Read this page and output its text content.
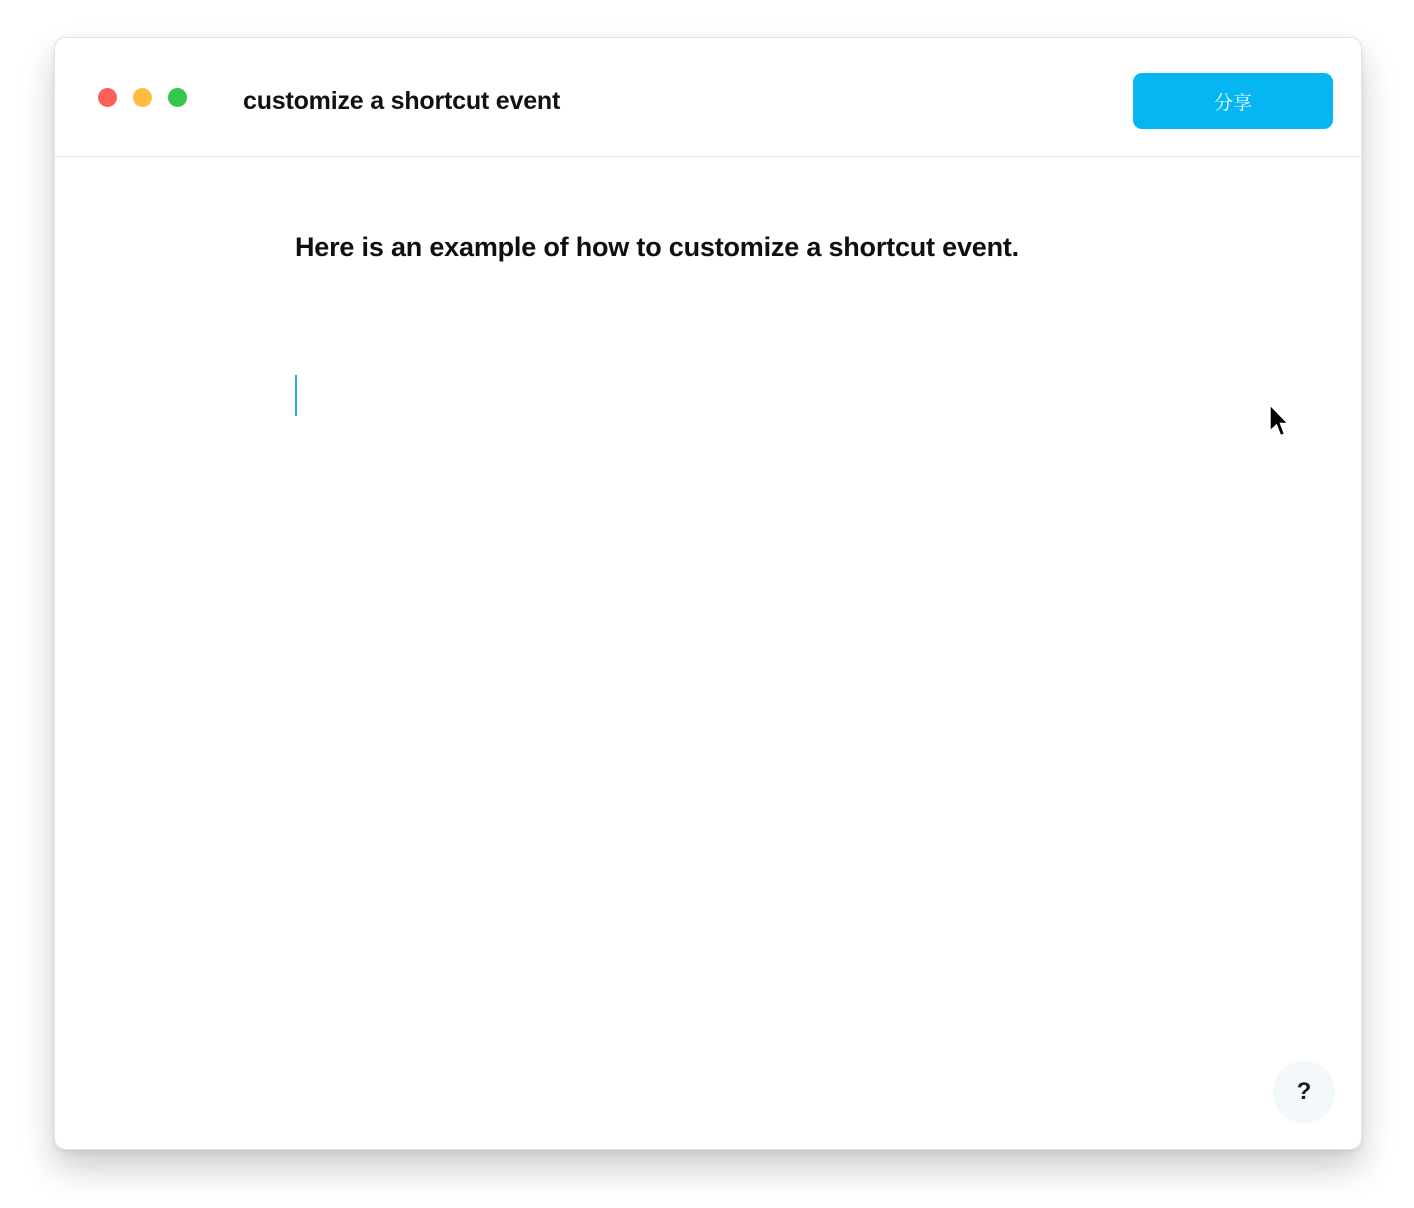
customize a shortcut event	分享
Here is an example of how to customize a shortcut event.
?
